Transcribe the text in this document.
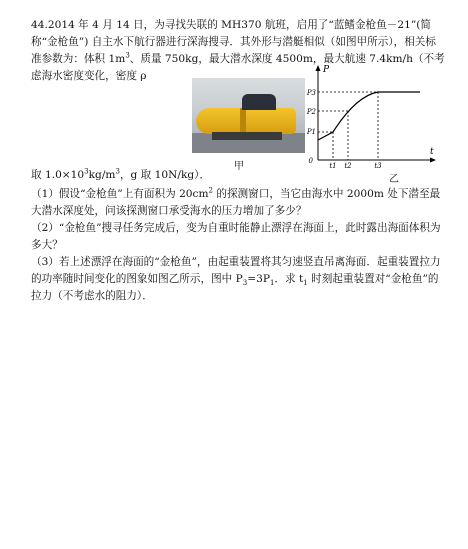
44.2014 年 4 月 14 日，为寻找失联的 MH370 航班，启用了“蓝鳍金枪鱼－21”(简称“金枪鱼”) 自主水下航行器进行深海搜寻．其外形与潜艇相似（如图甲所示），相关标准参数为：体积 $1m^3$、质量 750kg，最大潜水深度 4500m，最大航速 7.4km/h（不考虑海水密度变化，密度 ρ
甲
P
t
0
P3
P2
P1
t1 t2	t3
乙
取 $1.0\times 10^3kg/m^3$，g 取 10N/kg）．
（1）假设“金枪鱼”上有面积为 $20cm^2$ 的探测窗口，当它由海水中 2000m 处下潜至最大潜水深度处，问该探测窗口承受海水的压力增加了多少？
（2）“金枪鱼”搜寻任务完成后，变为自重时能静止漂浮在海面上，此时露出海面体积为多大？
（3）若上述漂浮在海面的“金枪鱼”，由起重装置将其匀速竖直吊离海面．起重装置拉力的功率随时间变化的图象如图乙所示，图中 $P_3=3P_1$．求 $t_1$ 时刻起重装置对“金枪鱼”的拉力（不考虑水的阻力）．
